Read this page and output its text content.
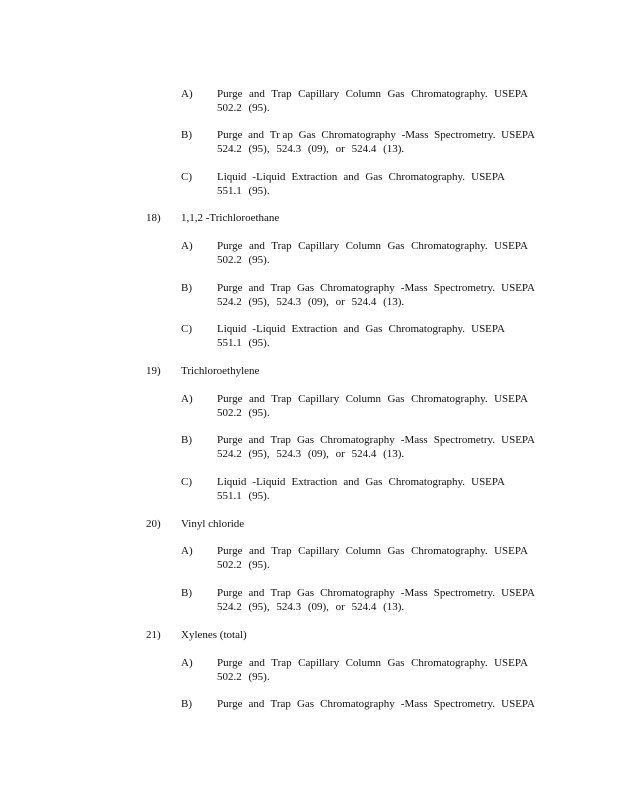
A) Purge and Trap Capillary Column Gas Chromatography. USEPA
502.2 (95).
B) Purge and Tr ap Gas Chromatography -Mass Spectrometry. USEPA
524.2 (95), 524.3 (09), or 524.4 (13).
C) Liquid -Liquid Extraction and Gas Chromatography. USEPA
551.1 (95).
18) 1,1,2 -Trichloroethane
A) Purge and Trap Capillary Column Gas Chromatography. USEPA
502.2 (95).
B) Purge and Trap Gas Chromatography -Mass Spectrometry. USEPA
524.2 (95), 524.3 (09), or 524.4 (13).
C) Liquid -Liquid Extraction and Gas Chromatography. USEPA
551.1 (95).
19) Trichloroethylene
A) Purge and Trap Capillary Column Gas Chromatography. USEPA
502.2 (95).
B) Purge and Trap Gas Chromatography -Mass Spectrometry. USEPA
524.2 (95), 524.3 (09), or 524.4 (13).
C) Liquid -Liquid Extraction and Gas Chromatography. USEPA
551.1 (95).
20) Vinyl chloride
A) Purge and Trap Capillary Column Gas Chromatography. USEPA
502.2 (95).
B) Purge and Trap Gas Chromatography -Mass Spectrometry. USEPA
524.2 (95), 524.3 (09), or 524.4 (13).
21) Xylenes (total)
A) Purge and Trap Capillary Column Gas Chromatography. USEPA
502.2 (95).
B) Purge and Trap Gas Chromatography -Mass Spectrometry. USEPA
